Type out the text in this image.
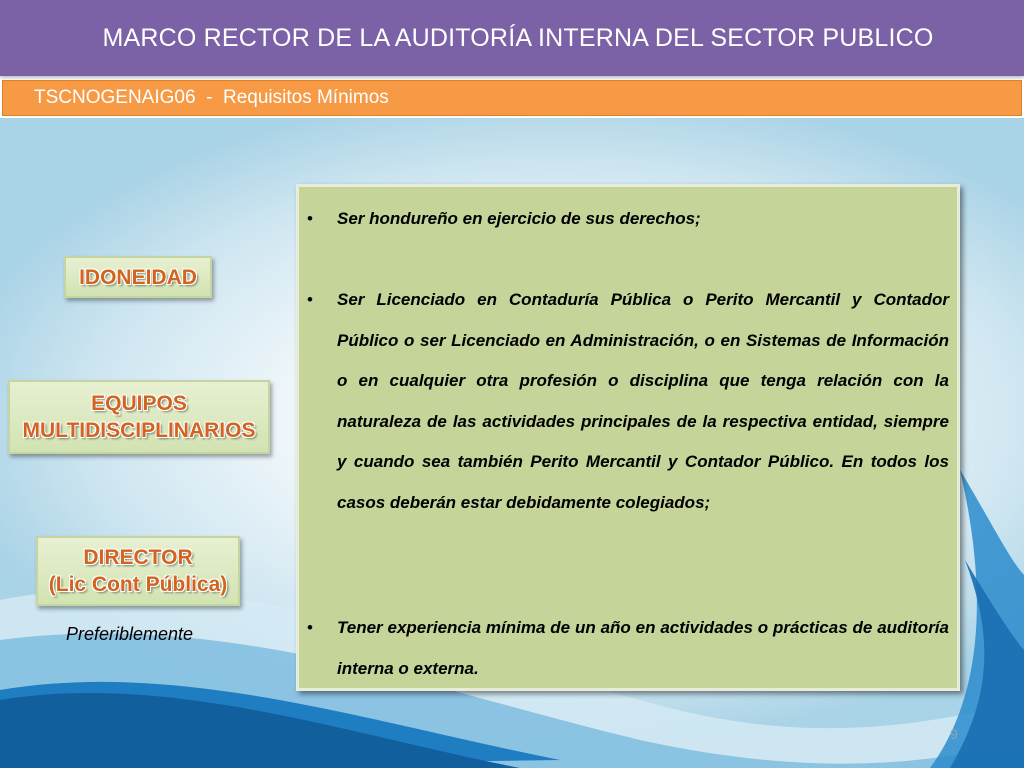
MARCO RECTOR DE LA AUDITORÍA INTERNA DEL SECTOR PUBLICO
TSCNOGENAIG06  -  Requisitos Mínimos
IDONEIDAD
EQUIPOS
MULTIDISCIPLINARIOS
DIRECTOR
(Lic Cont Pública)
Preferiblemente
• Ser hondureño en ejercicio de sus derechos;
• Ser Licenciado en Contaduría Pública o Perito Mercantil y Contador Público o ser Licenciado en Administración, o en Sistemas de Información o en cualquier otra profesión o disciplina que tenga relación con la naturaleza de las actividades principales de la respectiva entidad, siempre y cuando sea también Perito Mercantil y Contador Público. En todos los casos deberán estar debidamente colegiados;
• Tener experiencia mínima de un año en actividades o prácticas de auditoría interna o externa.
9
